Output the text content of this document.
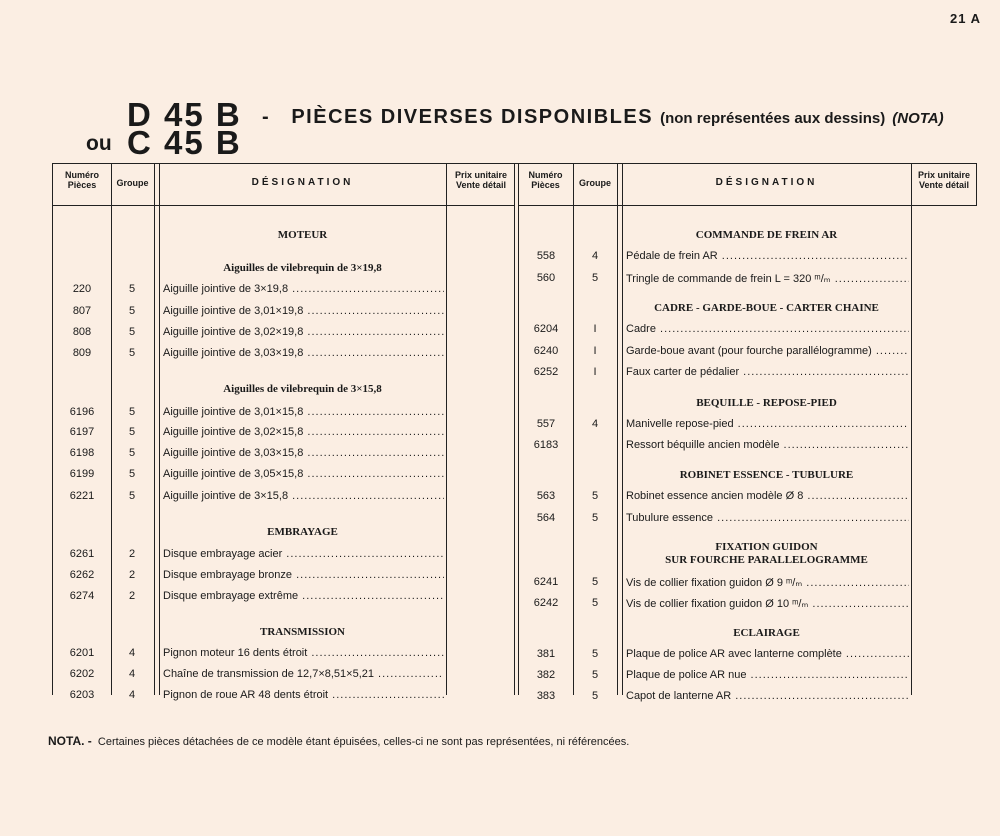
21 A
D 45 B
ou C 45 B
- PIÈCES DIVERSES DISPONIBLES (non représentées aux dessins) (NOTA)
Numéro Pièces	Groupe	DÉSIGNATION
Prix unitaire Vente détail
Numéro Pièces	Groupe	DÉSIGNATION
Prix unitaire Vente détail
MOTEUR
Aiguilles de vilebrequin de 3×19,8
220	5	Aiguille jointive de 3×19,8 .....
807	5	Aiguille jointive de 3,01×19,8 .....
808	5	Aiguille jointive de 3,02×19,8 .....
809	5	Aiguille jointive de 3,03×19,8 .....
Aiguilles de vilebrequin de 3×15,8
6196	5	Aiguille jointive de 3,01×15,8 .....
6197	5	Aiguille jointive de 3,02×15,8 .....
6198	5	Aiguille jointive de 3,03×15,8 .....
6199	5	Aiguille jointive de 3,05×15,8 .....
6221	5	Aiguille jointive de 3×15,8 .....
EMBRAYAGE
6261	2	Disque embrayage acier .....
6262	2	Disque embrayage bronze .....
6274	2	Disque embrayage extrême .....
TRANSMISSION
6201	4	Pignon moteur 16 dents étroit .....
6202	4	Chaîne de transmission de 12,7×8,51×5,21 .....
6203	4	Pignon de roue AR 48 dents étroit .....
COMMANDE DE FREIN AR
558	4	Pédale de frein AR .....
560	5	Tringle de commande de frein L = 320 ᵐ/ₘ .....
CADRE - GARDE-BOUE - CARTER CHAINE
6204	I	Cadre .....
6240	I	Garde-boue avant (pour fourche parallélogramme) .....
6252	I	Faux carter de pédalier .....
BEQUILLE - REPOSE-PIED
557	4	Manivelle repose-pied .....
6183	Ressort béquille ancien modèle .....
ROBINET ESSENCE - TUBULURE
563	5	Robinet essence ancien modèle Ø 8 .....
564	5	Tubulure essence .....
FIXATION GUIDON
SUR FOURCHE PARALLELOGRAMME
6241	5	Vis de collier fixation guidon Ø 9 ᵐ/ₘ .....
6242	5	Vis de collier fixation guidon Ø 10 ᵐ/ₘ .....
ECLAIRAGE
381	5	Plaque de police AR avec lanterne complète .....
382	5	Plaque de police AR nue .....
383	5	Capot de lanterne AR .....
NOTA. - Certaines pièces détachées de ce modèle étant épuisées, celles-ci ne sont pas représentées, ni référencées.
